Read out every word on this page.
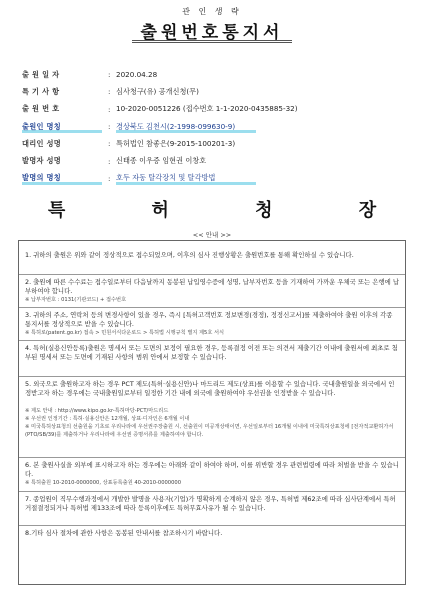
관 인 생 략
출원번호통지서
출 원 일 자	: 2020.04.28
특 기 사 항	: 심사청구(유) 공개신청(무)
출 원 번 호	: 10-2020-0051226 (접수번호 1-1-2020-0435885-32)
출원인 명칭	: 경상북도 김천시(2-1998-099630-9)
대리인 성명	: 특허법인 참좋은(9-2015-100201-3)
발명자 성명	: 신태종 이우증 임현권 이창호
발명의 명칭	: 호두 자동 탈각장치 및 탈각방법
특 허 청 장
<< 안내 >>
1. 귀하의 출원은 위와 같이 정상적으로 접수되었으며, 이후의 심사 진행상황은 출원번호를 통해 확인하실 수 있습니다.
2. 출원에 따른 수수료는 접수일로부터 다음날까지 동봉된 납입영수증에 성명, 납부자번호 등을 기재하여 가까운 우체국 또는 은행에 납부하여야 합니다.
※ 납부자번호 : 0131(기관코드) + 접수번호
3. 귀하의 주소, 연락처 등의 변경사항이 있을 경우, 즉시 [특허고객번호 정보변경(경정), 정정신고서]를 제출하여야 출원 이후의 각종 통지서를 정상적으로 받을 수 있습니다.
※ 특허로(patent.go.kr) 접속 > 민원서식다운로드 > 특허법 시행규칙 별지 제5호 서식
4. 특허(실용신안등록)출원은 명세서 또는 도면의 보정이 필요한 경우, 등록결정 이전 또는 의견서 제출기간 이내에 출원서에 최초로 첨부된 명세서 또는 도면에 기재된 사항의 범위 안에서 보정할 수 있습니다.
5. 외국으로 출원하고자 하는 경우 PCT 제도(특허·실용신안)나 마드리드 제도(상표)를 이용할 수 있습니다. 국내출원일을 외국에서 인정받고자 하는 경우에는 국내출원일로부터 일정한 기간 내에 외국에 출원하여야 우선권을 인정받을 수 있습니다.
※ 제도 안내 : http://www.kipo.go.kr-특허마당-PCT/마드리드
※ 우선권 인정기간 : 특허·실용신안은 12개월, 상표·디자인은 6개월 이내
※ 미국특허상표청의 선출원을 기초로 우리나라에 우선권주장출원 시, 선출원이 미공개상태이면, 우선일로부터 16개월 이내에 미국특허상표청에 [전자적교환허가서(PTO/SB/39)를 제출하거나 우리나라에 우선권 증명서류를 제출하여야 합니다.
6. 본 출원사실을 외부에 표시하고자 하는 경우에는 아래와 같이 하여야 하며, 이를 위반할 경우 관련법령에 따라 처벌을 받을 수 있습니다.
※ 특허출원 10-2010-0000000, 상표등록출원 40-2010-0000000
7. 종업원이 직무수행과정에서 개발한 발명을 사용자(기업)가 명확하게 승계하지 않은 경우, 특허법 제62조에 따라 심사단계에서 특허거절결정되거나 특허법 제133조에 따라 등록이후에도 특허무효사유가 될 수 있습니다.
8.기타 심사 절차에 관한 사항은 동봉된 안내서를 참조하시기 바랍니다.
